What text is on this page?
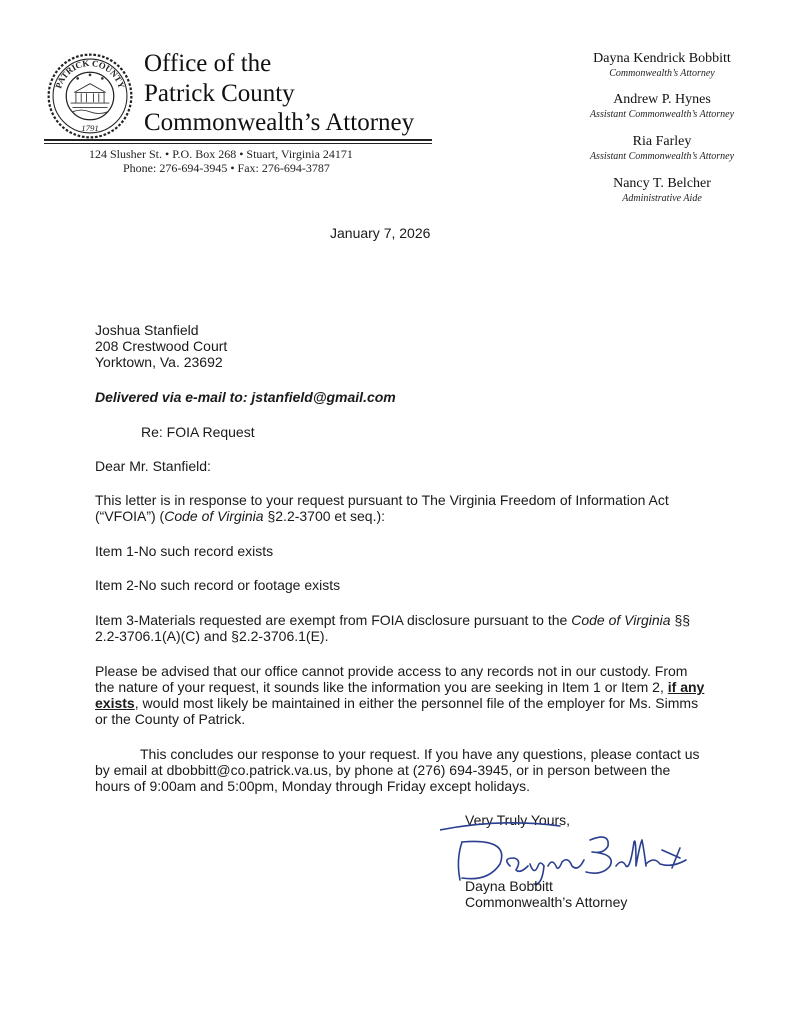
PATRICK COUNTY
1791
Office of the
Patrick County
Commonwealth’s Attorney
124 Slusher St. • P.O. Box 268 • Stuart, Virginia 24171
Phone: 276-694-3945 • Fax: 276-694-3787
Dayna Kendrick Bobbitt
Commonwealth’s Attorney
Andrew P. Hynes
Assistant Commonwealth’s Attorney
Ria Farley
Assistant Commonwealth’s Attorney
Nancy T. Belcher
Administrative Aide
January 7, 2026
Joshua Stanfield
208 Crestwood Court
Yorktown, Va. 23692
Delivered via e-mail to: jstanfield@gmail.com
Re: FOIA Request
Dear Mr. Stanfield:

This letter is in response to your request pursuant to The Virginia Freedom of Information Act (“VFOIA”) (Code of Virginia §2.2-3700 et seq.):

Item 1-No such record exists
Item 2-No such record or footage exists

Item 3-Materials requested are exempt from FOIA disclosure pursuant to the Code of Virginia §§ 2.2-3706.1(A)(C) and §2.2-3706.1(E).

Please be advised that our office cannot provide access to any records not in our custody. From the nature of your request, it sounds like the information you are seeking in Item 1 or Item 2, if any exists, would most likely be maintained in either the personnel file of the employer for Ms. Simms or the County of Patrick.

This concludes our response to your request. If you have any questions, please contact us by email at dbobbitt@co.patrick.va.us, by phone at (276) 694-3945, or in person between the hours of 9:00am and 5:00pm, Monday through Friday except holidays.

Very Truly Yours,
Dayna Bobbitt
Commonwealth’s Attorney
